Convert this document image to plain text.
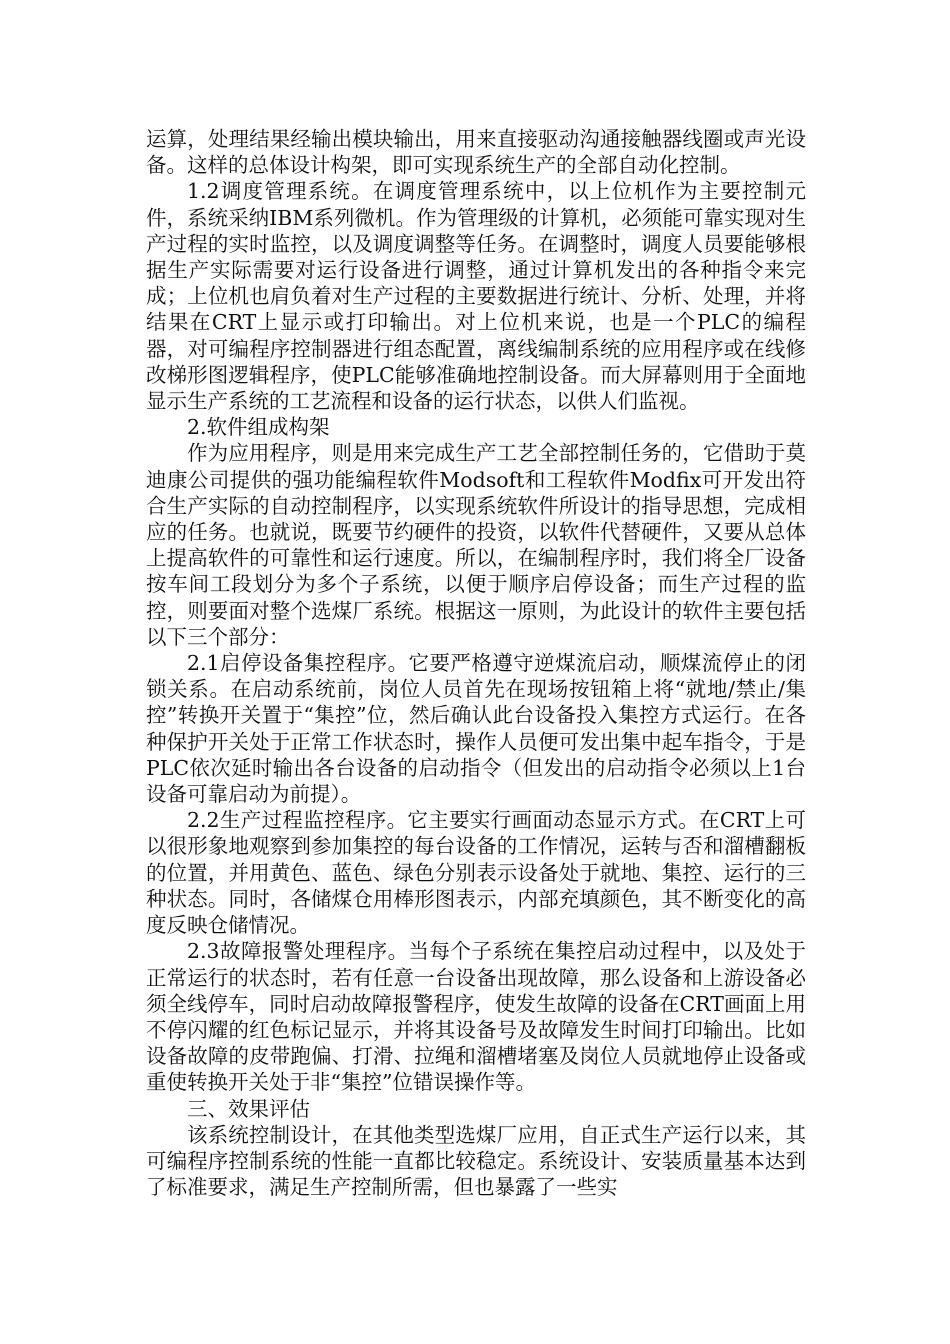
运算，处理结果经输出模块输出，用来直接驱动沟通接触器线圈或声光设备。这样的总体设计构架，即可实现系统生产的全部自动化控制。

1.2调度管理系统。在调度管理系统中，以上位机作为主要控制元件，系统采纳IBM系列微机。作为管理级的计算机，必须能可靠实现对生产过程的实时监控，以及调度调整等任务。在调整时，调度人员要能够根据生产实际需要对运行设备进行调整，通过计算机发出的各种指令来完成；上位机也肩负着对生产过程的主要数据进行统计、分析、处理，并将结果在CRT上显示或打印输出。对上位机来说，也是一个PLC的编程器，对可编程序控制器进行组态配置，离线编制系统的应用程序或在线修改梯形图逻辑程序，使PLC能够准确地控制设备。而大屏幕则用于全面地显示生产系统的工艺流程和设备的运行状态，以供人们监视。

2.软件组成构架

作为应用程序，则是用来完成生产工艺全部控制任务的，它借助于莫迪康公司提供的强功能编程软件Modsoft和工程软件Modfix可开发出符合生产实际的自动控制程序，以实现系统软件所设计的指导思想，完成相应的任务。也就说，既要节约硬件的投资，以软件代替硬件，又要从总体上提高软件的可靠性和运行速度。所以，在编制程序时，我们将全厂设备按车间工段划分为多个子系统，以便于顺序启停设备；而生产过程的监控，则要面对整个选煤厂系统。根据这一原则，为此设计的软件主要包括以下三个部分：

2.1启停设备集控程序。它要严格遵守逆煤流启动，顺煤流停止的闭锁关系。在启动系统前，岗位人员首先在现场按钮箱上将“就地/禁止/集控”转换开关置于“集控”位，然后确认此台设备投入集控方式运行。在各种保护开关处于正常工作状态时，操作人员便可发出集中起车指令，于是PLC依次延时输出各台设备的启动指令（但发出的启动指令必须以上1台设备可靠启动为前提）。

2.2生产过程监控程序。它主要实行画面动态显示方式。在CRT上可以很形象地观察到参加集控的每台设备的工作情况，运转与否和溜槽翻板的位置，并用黄色、蓝色、绿色分别表示设备处于就地、集控、运行的三种状态。同时，各储煤仓用棒形图表示，内部充填颜色，其不断变化的高度反映仓储情况。

2.3故障报警处理程序。当每个子系统在集控启动过程中，以及处于正常运行的状态时，若有任意一台设备出现故障，那么设备和上游设备必须全线停车，同时启动故障报警程序，使发生故障的设备在CRT画面上用不停闪耀的红色标记显示，并将其设备号及故障发生时间打印输出。比如设备故障的皮带跑偏、打滑、拉绳和溜槽堵塞及岗位人员就地停止设备或重使转换开关处于非“集控”位错误操作等。

三、效果评估

该系统控制设计，在其他类型选煤厂应用，自正式生产运行以来，其可编程序控制系统的性能一直都比较稳定。系统设计、安装质量基本达到了标准要求，满足生产控制所需，但也暴露了一些实
